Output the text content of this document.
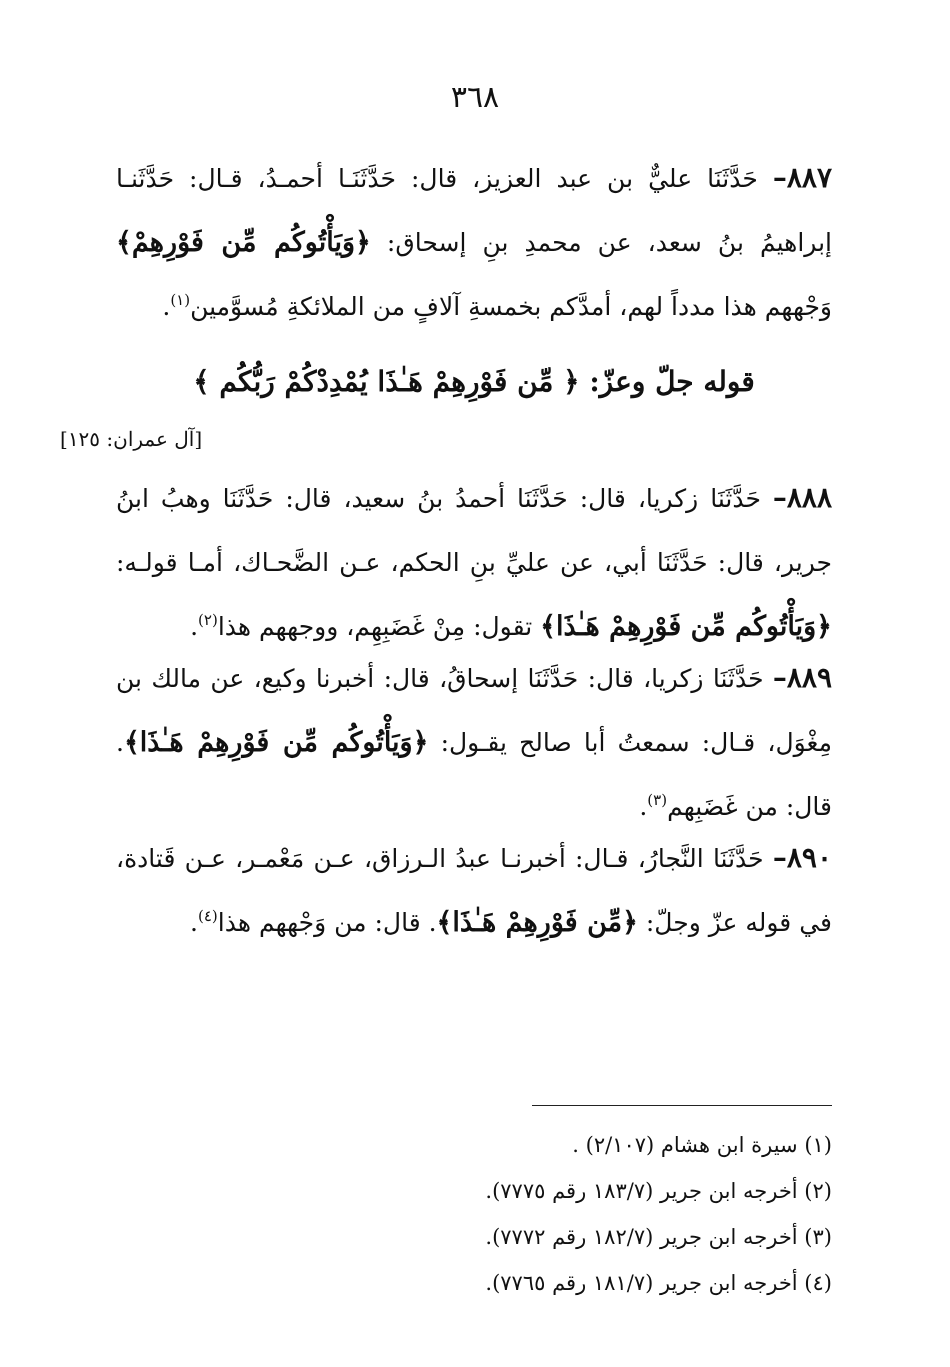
٣٦٨
٨٨٧– حَدَّثَنَا عليٌّ بن عبد العزيز، قال: حَدَّثَنَـا أحمـدُ، قـال: حَدَّثَنـا إبراهيمُ بنُ سعد، عن محمدِ بنِ إسحاق: ﴿وَيَأْتُوكُم مِّن فَوْرِهِمْ﴾ وَجْههم هذا مدداً لهم، أمدَّكم بخمسةِ آلافٍ من الملائكةِ مُسوَّمين$^{(١)}$.
قوله جلّ وعزّ: ﴿ مِّن فَوْرِهِمْ هَـٰذَا يُمْدِدْكُمْ رَبُّكُم ﴾
[آل عمران: ١٢٥]
٨٨٨– حَدَّثَنَا زكريا، قال: حَدَّثَنَا أحمدُ بنُ سعيد، قال: حَدَّثَنَا وهبُ ابنُ جرير، قال: حَدَّثَنَا أبي، عن عليِّ بنِ الحكم، عـن الضَّحـاك، أمـا قولـه: ﴿وَيَأْتُوكُم مِّن فَوْرِهِمْ هَـٰذَا﴾ تقول: مِنْ غَضَبِهِم، ووجههم هذا$^{(٢)}$.
٨٨٩– حَدَّثَنَا زكريا، قال: حَدَّثَنَا إسحاقُ، قال: أخبرنا وكيع، عن مالك بن مِغْوَل، قـال: سمعتُ أبا صالح يقـول: ﴿وَيَأْتُوكُم مِّن فَوْرِهِمْ هَـٰذَا﴾. قال: من غَضَبِهم$^{(٣)}$.
٨٩٠– حَدَّثَنَا النَّجارُ، قـال: أخبرنـا عبدُ الـرزاق، عـن مَعْمـر، عـن قَتادة، في قوله عزّ وجلّ: ﴿مِّن فَوْرِهِمْ هَـٰذَا﴾. قال: من وَجْههم هذا$^{(٤)}$.
(١) سيرة ابن هشام (٢/١٠٧) .
(٢) أخرجه ابن جرير (١٨٣/٧ رقم ٧٧٧٥).
(٣) أخرجه ابن جرير (١٨٢/٧ رقم ٧٧٧٢).
(٤) أخرجه ابن جرير (١٨١/٧ رقم ٧٧٦٥).
